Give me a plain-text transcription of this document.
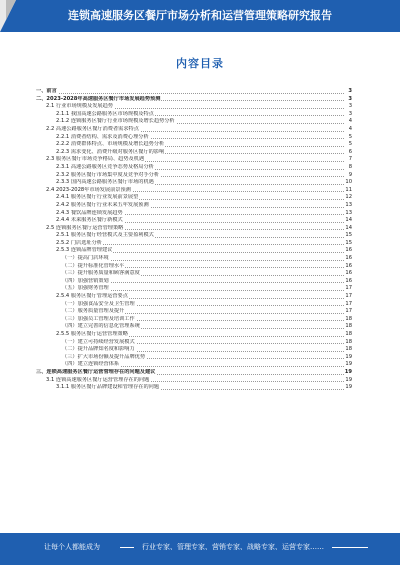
连锁高速服务区餐厅市场分析和运营管理策略研究报告
内容目录
一、前言	3
二、2023-2028年高速服务区餐厅市场发展趋势预测	3
2.1 行业市场规模及发展趋势	3
2.1.1 我国高速公路服务区市场规模及特点	3
2.1.2 连锁服务区餐厅行业市场规模及增长趋势分析	4
2.2 高速公路服务区餐厅消费者需求特点	4
2.2.1 消费者结构、需求及消费心理分析	5
2.2.2 消费群体特点、市场规模及增长趋势分析	5
2.2.3 需求变化、消费升级对服务区餐厅的影响	6
2.3 服务区餐厅市场竞争格局、趋势及机遇	7
2.3.1 高速公路服务区竞争态势及格局分析	8
2.3.2 服务区餐厅市场集中度及竞争对手分析	9
2.3.3 国内高速公路服务区餐厅市场的机遇	10
2.4 2023-2028年市场发展前景预测	11
2.4.1 服务区餐厅行业发展前景展望	12
2.4.2 服务区餐厅行业未来五年发展预测	13
2.4.3 餐饮品牌连锁发展趋势	13
2.4.4 未来服务区餐厅新模式	14
2.5 连锁服务区餐厅运营管理策略	14
2.5.1 服务区餐厅经营模式及主要盈利模式	15
2.5.2 门店选址分析	15
2.5.3 连锁品牌管理建议	16
（一）提高门店环境	16
（二）提升标准化管理水平	16
（三）提升服务质量和顾客满意度	16
（四）加强营销策划	16
（五）加强财务管理	17
2.5.4 服务区餐厅管理运营要点	17
（一）加强食品安全及卫生管理	17
（二）服务质量管理及提升	17
（三）加强员工管理及培训工作	18
（四）建立完善的信息化管理系统	18
2.5.5 服务区餐厅运营管理策略	18
（一）建立可持续经营发展模式	18
（二）提升品牌知名度和影响力	18
（三）扩大市场份额及提升品牌优势	19
（四）建立连锁经营体系	19
三、连锁高速服务区餐厅运营管理存在的问题及建议	19
3.1 连锁高速服务区餐厅运营管理存在的问题	19
3.1.1 服务区餐厅品牌建设和管理存在的问题	19
让每个人都能成为	行业专家、管理专家、营销专家、战略专家、运营专家……
